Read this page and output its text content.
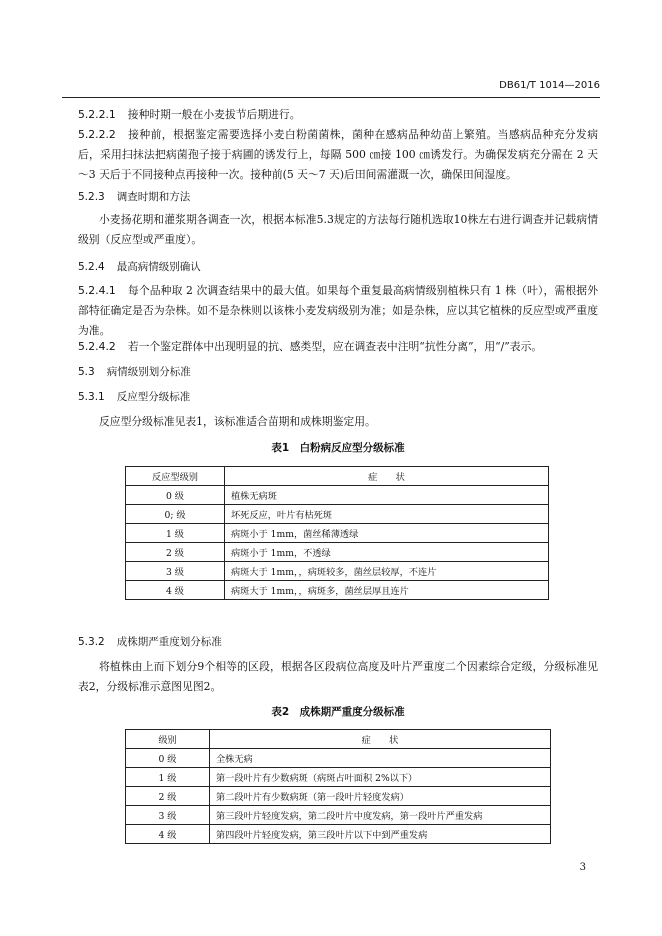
DB61/T 1014—2016
5.2.2.1 接种时期一般在小麦拔节后期进行。
5.2.2.2 接种前，根据鉴定需要选择小麦白粉菌菌株，菌种在感病品种幼苗上繁殖。当感病品种充分发病后，采用扫抹法把病菌孢子接于病圃的诱发行上，每隔 500 ㎝接 100 ㎝诱发行。为确保发病充分需在 2 天～3 天后于不同接种点再接种一次。接种前(5 天～7 天)后田间需灌溉一次，确保田间湿度。
5.2.3 调查时期和方法
小麦扬花期和灌浆期各调查一次，根据本标准5.3规定的方法每行随机选取10株左右进行调查并记载病情级别（反应型或严重度）。
5.2.4 最高病情级别确认
5.2.4.1 每个品种取 2 次调查结果中的最大值。如果每个重复最高病情级别植株只有 1 株（叶），需根据外部特征确定是否为杂株。如不是杂株则以该株小麦发病级别为准；如是杂株，应以其它植株的反应型或严重度为准。
5.2.4.2 若一个鉴定群体中出现明显的抗、感类型，应在调查表中注明“抗性分离”，用“/”表示。
5.3 病情级别划分标准
5.3.1 反应型分级标准
反应型分级标准见表1，该标准适合苗期和成株期鉴定用。
表1　白粉病反应型分级标准
反应型级别	症　　状
0 级	植株无病斑
0; 级	坏死反应，叶片有枯死斑
1 级	病斑小于 1mm，菌丝稀薄透绿
2 级	病斑小于 1mm，不透绿
3 级	病斑大于 1mm，，病斑较多，菌丝层较厚，不连片
4 级	病斑大于 1mm，，病斑多，菌丝层厚且连片
5.3.2 成株期严重度划分标准
将植株由上而下划分9个相等的区段，根据各区段病位高度及叶片严重度二个因素综合定级，分级标准见表2，分级标准示意图见图2。
表2　成株期严重度分级标准
级别	症　　状
0 级	全株无病
1 级	第一段叶片有少数病斑（病斑占叶面积 2%以下）
2 级	第二段叶片有少数病斑（第一段叶片轻度发病）
3 级	第三段叶片轻度发病，第二段叶片中度发病，第一段叶片严重发病
4 级	第四段叶片轻度发病，第三段叶片以下中到严重发病
3
